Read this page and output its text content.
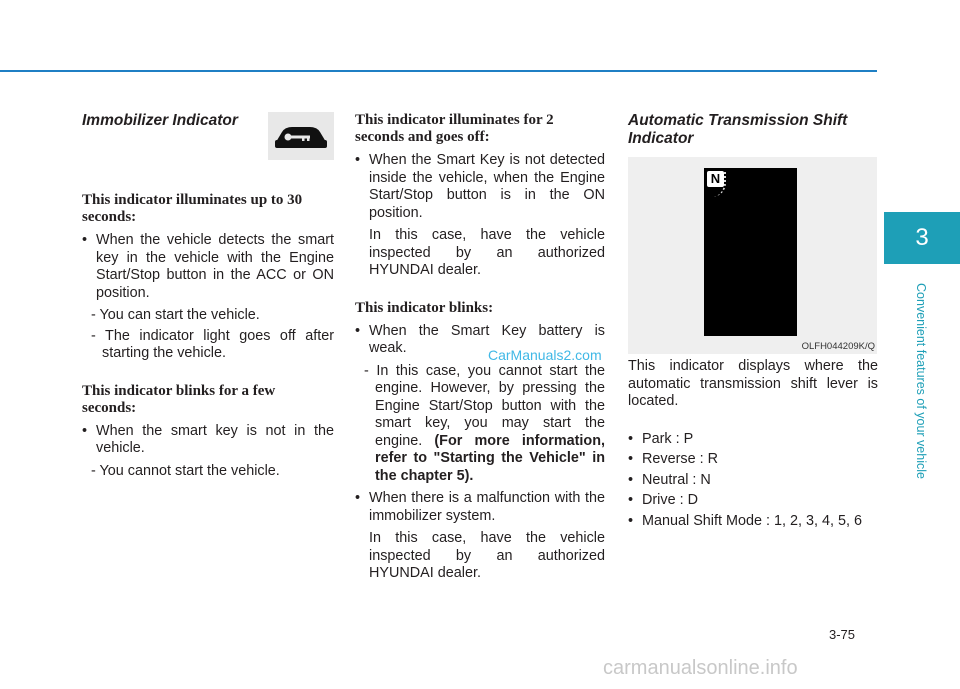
Immobilizer Indicator

This indicator illuminates up to 30 seconds:

• When the vehicle detects the smart key in the vehicle with the Engine Start/Stop button in the ACC or ON position.

- You can start the vehicle.

- The indicator light goes off after starting the vehicle.

This indicator blinks for a few seconds:

• When the smart key is not in the vehicle.

- You cannot start the vehicle.

This indicator illuminates for 2 seconds and goes off:

• When the Smart Key is not detected inside the vehicle, when the Engine Start/Stop button is in the ON position.

In this case, have the vehicle inspected by an authorized HYUNDAI dealer.

This indicator blinks:

• When the Smart Key battery is weak.

- In this case, you cannot start the engine. However, by pressing the Engine Start/Stop button with the smart key, you may start the engine. (For more information, refer to "Starting the Vehicle" in the chapter 5).

• When there is a malfunction with the immobilizer system.

In this case, have the vehicle inspected by an authorized HYUNDAI dealer.

Automatic Transmission Shift Indicator

N
OLFH044209K/Q

This indicator displays where the automatic transmission shift lever is located.

• Park : P
• Reverse : R
• Neutral : N
• Drive : D
• Manual Shift Mode : 1, 2, 3, 4, 5, 6
3
Convenient features of your vehicle
3-75
CarManuals2.com
carmanualsonline.info
